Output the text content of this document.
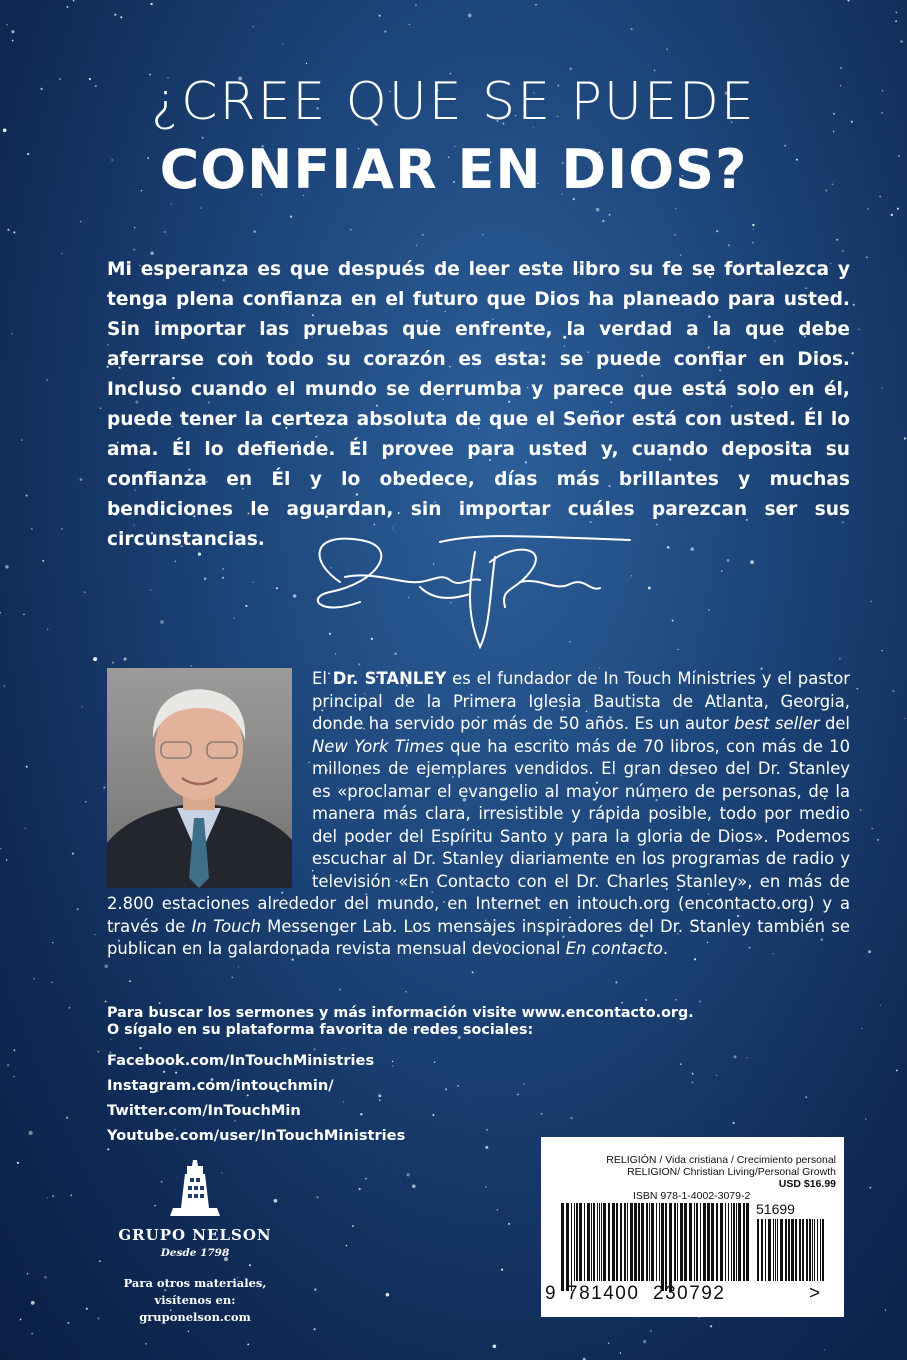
¿CREE QUE SE PUEDE
CONFIAR EN DIOS?
Mi esperanza es que después de leer este libro su fe se fortalezca y tenga plena confianza en el futuro que Dios ha planeado para usted. Sin importar las pruebas que enfrente, la verdad a la que debe aferrarse con todo su corazón es esta: se puede confiar en Dios. Incluso cuando el mundo se derrumba y parece que está solo en él, puede tener la certeza absoluta de que el Señor está con usted. Él lo ama. Él lo defiende. Él provee para usted y, cuando deposita su confianza en Él y lo obedece, días más brillantes y muchas bendiciones le aguardan, sin importar cuáles parezcan ser sus circunstancias.
El Dr. STANLEY es el fundador de In Touch Ministries y el pastor principal de la Primera Iglesia Bautista de Atlanta, Georgia, donde ha servido por más de 50 años. Es un autor best seller del New York Times que ha escrito más de 70 libros, con más de 10 millones de ejemplares vendidos. El gran deseo del Dr. Stanley es «proclamar el evangelio al mayor número de personas, de la manera más clara, irresistible y rápida posible, todo por medio del poder del Espíritu Santo y para la gloria de Dios». Podemos escuchar al Dr. Stanley diariamente en los programas de radio y televisión «En Contacto con el Dr. Charles Stanley», en más de 2.800 estaciones alrededor del mundo, en Internet en intouch.org (encontacto.org) y a través de In Touch Messenger Lab. Los mensajes inspiradores del Dr. Stanley también se publican en la galardonada revista mensual devocional En contacto.
Para buscar los sermones y más información visite www.encontacto.org.
O sígalo en su plataforma favorita de redes sociales:
Facebook.com/InTouchMinistries
Instagram.com/intouchmin/
Twitter.com/InTouchMin
Youtube.com/user/InTouchMinistries
GRUPO NELSON
Desde 1798
Para otros materiales, visítenos en:
gruponelson.com
RELIGIÓN / Vida cristiana / Crecimiento personal
RELIGION/ Christian Living/Personal Growth
USD $16.99
ISBN 978-1-4002-3079-2
51699
9 781400 230792	>
